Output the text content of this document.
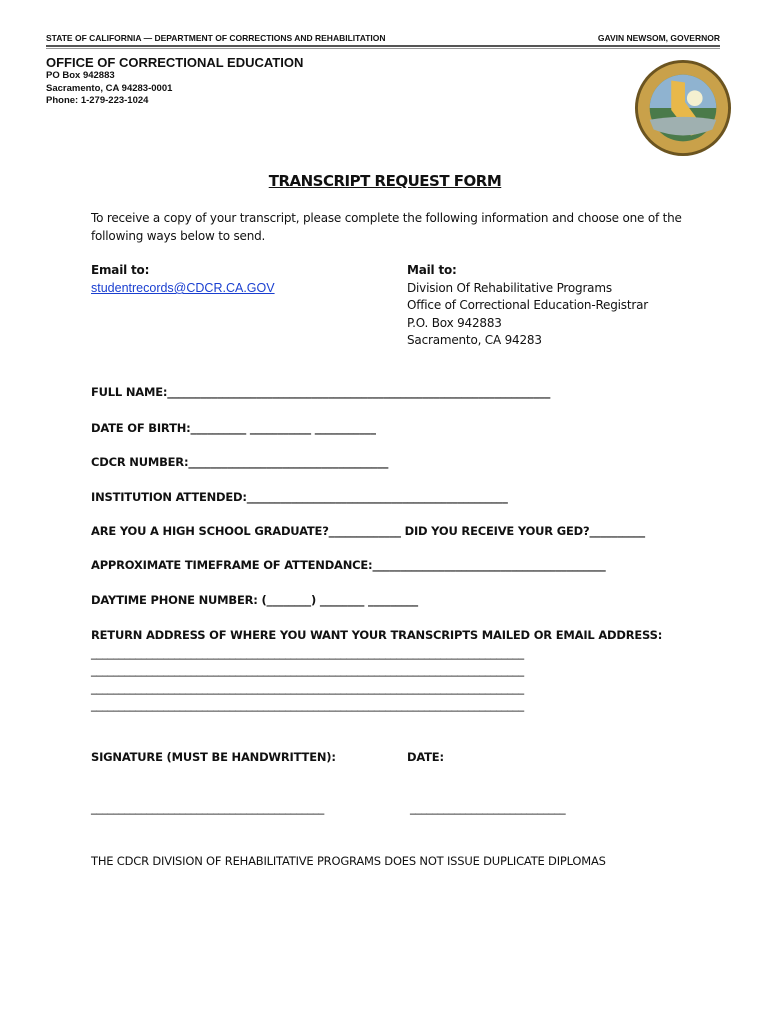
STATE OF CALIFORNIA — DEPARTMENT OF CORRECTIONS AND REHABILITATION	GAVIN NEWSOM, GOVERNOR
OFFICE OF CORRECTIONAL EDUCATION
PO Box 942883
Sacramento, CA 94283-0001
Phone: 1-279-223-1024
TRANSCRIPT REQUEST FORM
To receive a copy of your transcript, please complete the following information and choose one of the
following ways below to send.
Email to:
studentrecords@CDCR.CA.GOV
Mail to:
Division Of Rehabilitative Programs
Office of Correctional Education-Registrar
P.O. Box 942883
Sacramento, CA 94283
FULL NAME:_____________________________________________________________________
DATE OF BIRTH:__________ ___________ ___________
CDCR NUMBER:____________________________________
INSTITUTION ATTENDED:_______________________________________________
ARE YOU A HIGH SCHOOL GRADUATE?_____________ DID YOU RECEIVE YOUR GED?__________
APPROXIMATE TIMEFRAME OF ATTENDANCE:__________________________________________
DAYTIME PHONE NUMBER: (________) ________ _________
RETURN ADDRESS OF WHERE YOU WANT YOUR TRANSCRIPTS MAILED OR EMAIL ADDRESS:
______________________________________________________________________________
______________________________________________________________________________
______________________________________________________________________________
______________________________________________________________________________
SIGNATURE (MUST BE HANDWRITTEN):	DATE:
__________________________________________	____________________________
THE CDCR DIVISION OF REHABILITATIVE PROGRAMS DOES NOT ISSUE DUPLICATE DIPLOMAS
